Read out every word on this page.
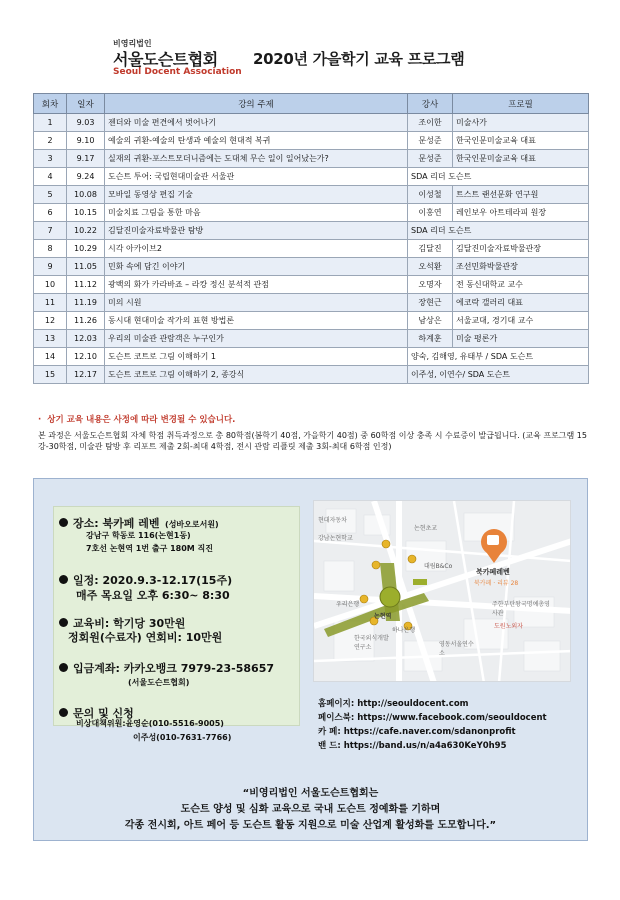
비영리법인
서울도슨트협회
Seoul Docent Association
2020년 가을학기 교육 프로그램
회차	일자	강의 주제	강사	프로필
1	9.03	젠더와 미술 편견에서 벗어나기	조이한	미술사가
2	9.10	예술의 귀환-예술의 탄생과 예술의 현대적 복귀	문성준	한국인문미술교육 대표
3	9.17	실재의 귀환-포스트모더니즘에는 도대체 무슨 일이 일어났는가?	문성준	한국인문미술교육 대표
4	9.24	도슨트 투어: 국립현대미술관 서울관	SDA 리더 도슨트	
5	10.08	모바일 동영상 편집 기술	이성철	트스트 랜선문화 연구원
6	10.15	미술치료 그림을 통한 마음	이홍연	레인보우 아트테라피 원장
7	10.22	김달진미술자료박물관 탐방	SDA 리더 도슨트	
8	10.29	시각 아카이브2	김달진	김달진미술자료박물관장
9	11.05	민화 속에 담긴 이야기	오석환	조선민화박물관장
10	11.12	광백의 화가 카라바죠 – 라캉 정신 분석적 관점	오명자	전 동신대학교 교수
11	11.19	미의 시원	장현근	에코락 갤러리 대표
12	11.26	동시대 현대미술 작가의 표현 방법론	남상은	서울교대, 경기대 교수
13	12.03	우리의 미술관 관람객은 누구인가	하계훈	미술 평론가
14	12.10	도슨트 코트로 그림 이해하기 1	양숙, 김해영, 유태부 / SDA 도슨트	
15	12.17	도슨트 코트로 그림 이해하기 2, 종강식	이주성, 이연수/ SDA 도슨트	
· 상기 교육 내용은 사정에 따라 변경될 수 있습니다.
본 과정은 서울도슨트협회 자체 학점 취득과정으로 총 80학점(봄학기 40점, 가을학기 40점) 중 60학점 이상 충족 시 수료증이 발급됩니다. (교육 프로그램 15강-30학점, 미술관 탐방 후 리포트 제출 2회-최대 4학점, 전시 관람 리플릿 제출 3회-최대 6학점 인정)
장소: 북카페 레벤 (성바오로서원)
강남구 학동로 116(논현1동)
7호선 논현역 1번 출구 180M 직진
일정: 2020.9.3-12.17(15주)
매주 목요일 오후 6:30~ 8:30
교육비: 학기당 30만원
정회원(수료자) 연회비: 10만원
입금계좌: 카카오뱅크 7979-23-58657
(서울도슨트협회)
문의 및 신청
비상대책위원:윤영순(010-5516-9005)
이주성(010-7631-7766)
현대자동차
강남논현학교
논현초교
대림B&Co
우리은행
논현역
한국외식개발연구소
하나은행
영동서울연수소
주한부탄왕국명예총영사관
도원노외자
북카페레벤
북카페 · 리뷰 28
홈페이지: http://seouldocent.com
페이스북: https://www.facebook.com/seouldocent
카 페: https://cafe.naver.com/sdanonprofit
밴 드: https://band.us/n/a4a630KeY0h95
“비영리법인 서울도슨트협회는
도슨트 양성 및 심화 교육으로 국내 도슨트 정예화를 기하며
각종 전시회, 아트 페어 등 도슨트 활동 지원으로 미술 산업계 활성화를 도모합니다.”
